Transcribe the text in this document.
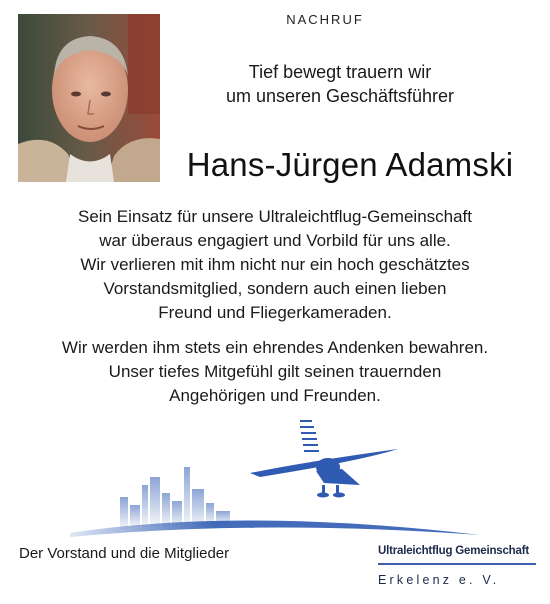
NACHRUF
Tief bewegt trauern wir
um unseren Geschäftsführer
Hans-Jürgen Adamski
Sein Einsatz für unsere Ultraleichtflug-Gemeinschaft
war überaus engagiert und Vorbild für uns alle.
Wir verlieren mit ihm nicht nur ein hoch geschätztes
Vorstandsmitglied, sondern auch einen lieben
Freund und Fliegerkameraden.
Wir werden ihm stets ein ehrendes Andenken bewahren.
Unser tiefes Mitgefühl gilt seinen trauernden
Angehörigen und Freunden.
Der Vorstand und die Mitglieder	Ultraleichtflug Gemeinschaft
Erkelenz e. V.
